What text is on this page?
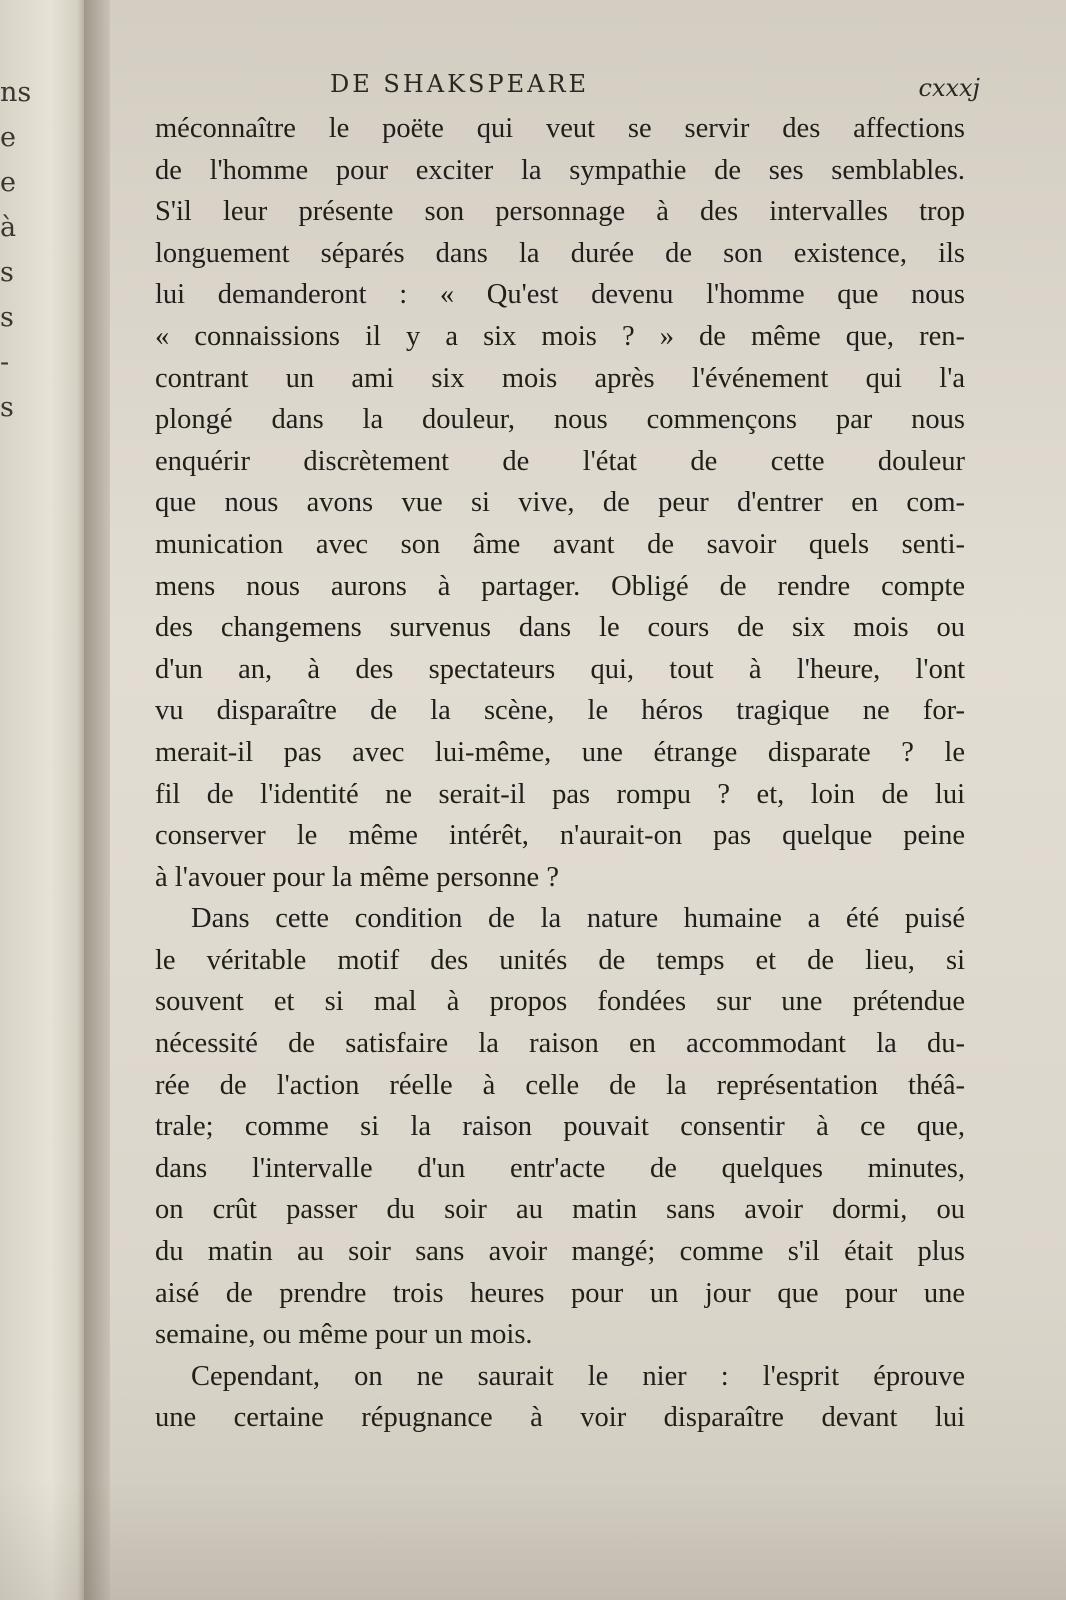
ns
e
e
à
s
s
-
s
DE SHAKSPEARE	cxxxj
méconnaître le poëte qui veut se servir des affections
de l'homme pour exciter la sympathie de ses semblables.
S'il leur présente son personnage à des intervalles trop
longuement séparés dans la durée de son existence, ils
lui demanderont : « Qu'est devenu l'homme que nous
« connaissions il y a six mois ? » de même que, ren-
contrant un ami six mois après l'événement qui l'a
plongé dans la douleur, nous commençons par nous
enquérir discrètement de l'état de cette douleur
que nous avons vue si vive, de peur d'entrer en com-
munication avec son âme avant de savoir quels senti-
mens nous aurons à partager. Obligé de rendre compte
des changemens survenus dans le cours de six mois ou
d'un an, à des spectateurs qui, tout à l'heure, l'ont
vu disparaître de la scène, le héros tragique ne for-
merait-il pas avec lui-même, une étrange disparate ? le
fil de l'identité ne serait-il pas rompu ? et, loin de lui
conserver le même intérêt, n'aurait-on pas quelque peine
à l'avouer pour la même personne ?
Dans cette condition de la nature humaine a été puisé
le véritable motif des unités de temps et de lieu, si
souvent et si mal à propos fondées sur une prétendue
nécessité de satisfaire la raison en accommodant la du-
rée de l'action réelle à celle de la représentation théâ-
trale; comme si la raison pouvait consentir à ce que,
dans l'intervalle d'un entr'acte de quelques minutes,
on crût passer du soir au matin sans avoir dormi, ou
du matin au soir sans avoir mangé; comme s'il était plus
aisé de prendre trois heures pour un jour que pour une
semaine, ou même pour un mois.
Cependant, on ne saurait le nier : l'esprit éprouve
une certaine répugnance à voir disparaître devant lui
